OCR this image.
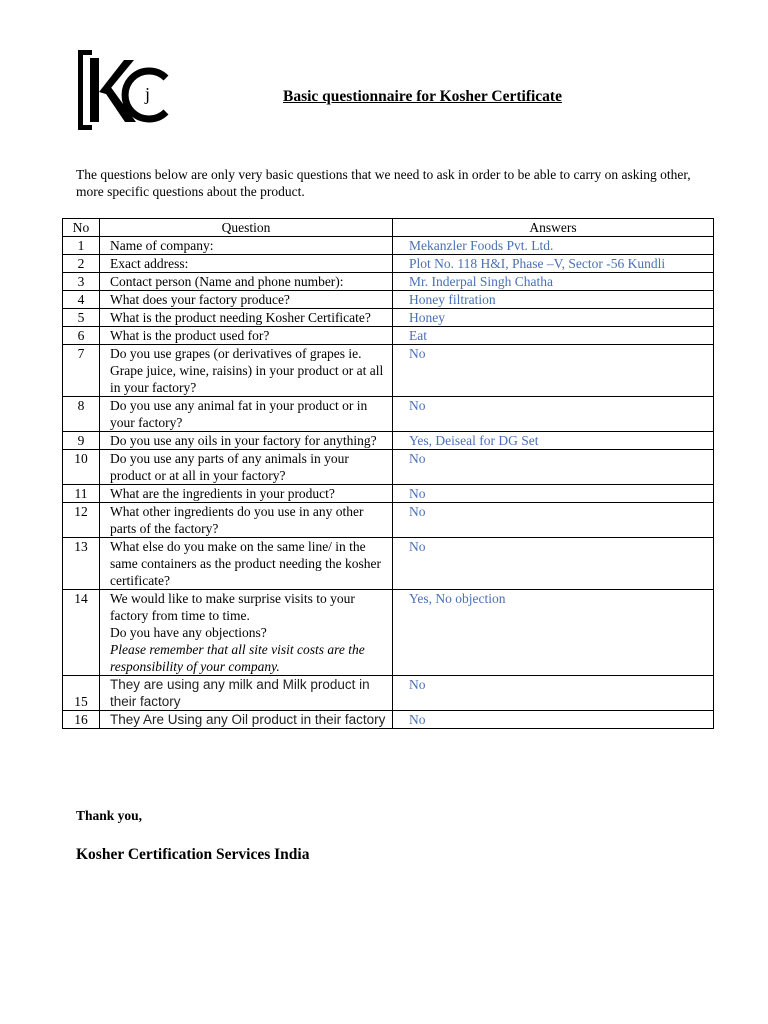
j	Basic questionnaire for Kosher Certificate
The questions below are only very basic questions that we need to ask in order to be able to carry on asking other, more specific questions about the product.
No	Question	Answers
1	Name of company:	Mekanzler Foods Pvt. Ltd.
2	Exact address:	Plot No. 118 H&I, Phase –V, Sector -56 Kundli
3	Contact person (Name and phone number):	Mr. Inderpal Singh Chatha
4	What does your factory produce?	Honey filtration
5	What is the product needing Kosher Certificate?	Honey
6	What is the product used for?	Eat
7	Do you use grapes (or derivatives of grapes ie. Grape juice, wine, raisins) in your product or at all in your factory?	No
8	Do you use any animal fat in your product or in your factory?	No
9	Do you use any oils in your factory for anything?	Yes, Deiseal for DG Set
10	Do you use any parts of any animals in your product or at all in your factory?	No
11	What are the ingredients in your product?	No
12	What other ingredients do you use in any other parts of the factory?	No
13	What else do you make on the same line/ in the same containers as the product needing the kosher certificate?	No
14	We would like to make surprise visits to your factory from time to time.
Do you have any objections?
Please remember that all site visit costs are the responsibility of your company.	Yes, No objection
15	They are using any milk and Milk product in their factory	No
16	They Are Using any Oil product in their factory	No
Thank you,
Kosher Certification Services India
